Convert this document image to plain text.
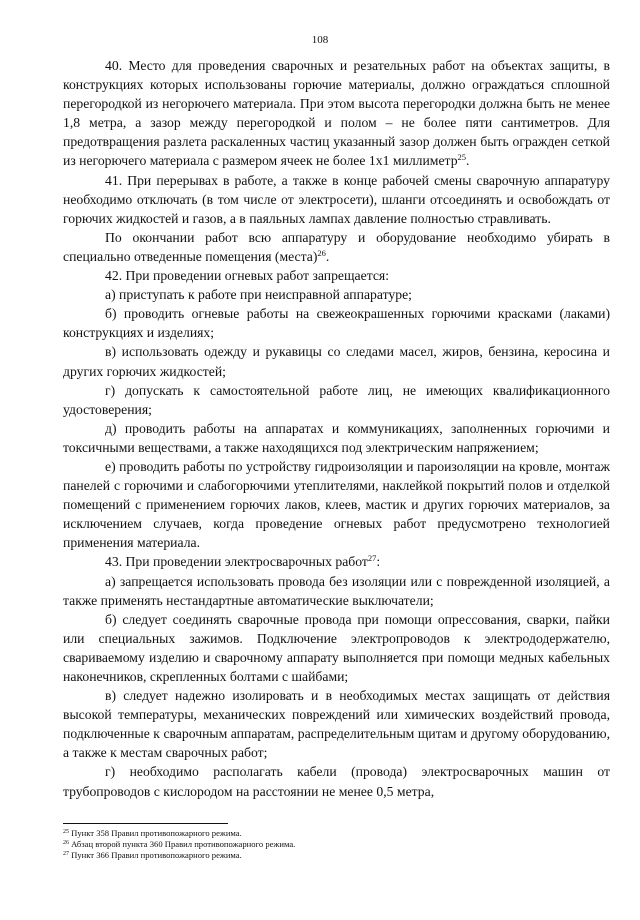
108

40. Место для проведения сварочных и резательных работ на объектах защиты, в конструкциях которых использованы горючие материалы, должно ограждаться сплошной перегородкой из негорючего материала. При этом высота перегородки должна быть не менее 1,8 метра, а зазор между перегородкой и полом – не более пяти сантиметров. Для предотвращения разлета раскаленных частиц указанный зазор должен быть огражден сеткой из негорючего материала с размером ячеек не более 1x1 миллиметр$^{25}$.

41. При перерывах в работе, а также в конце рабочей смены сварочную аппаратуру необходимо отключать (в том числе от электросети), шланги отсоединять и освобождать от горючих жидкостей и газов, а в паяльных лампах давление полностью стравливать.

По окончании работ всю аппаратуру и оборудование необходимо убирать в специально отведенные помещения (места)$^{26}$.

42. При проведении огневых работ запрещается:

а) приступать к работе при неисправной аппаратуре;

б) проводить огневые работы на свежеокрашенных горючими красками (лаками) конструкциях и изделиях;

в) использовать одежду и рукавицы со следами масел, жиров, бензина, керосина и других горючих жидкостей;

г) допускать к самостоятельной работе лиц, не имеющих квалификационного удостоверения;

д) проводить работы на аппаратах и коммуникациях, заполненных горючими и токсичными веществами, а также находящихся под электрическим напряжением;

е) проводить работы по устройству гидроизоляции и пароизоляции на кровле, монтаж панелей с горючими и слабогорючими утеплителями, наклейкой покрытий полов и отделкой помещений с применением горючих лаков, клеев, мастик и других горючих материалов, за исключением случаев, когда проведение огневых работ предусмотрено технологией применения материала.

43. При проведении электросварочных работ$^{27}$:

а) запрещается использовать провода без изоляции или с поврежденной изоляцией, а также применять нестандартные автоматические выключатели;

б) следует соединять сварочные провода при помощи опрессования, сварки, пайки или специальных зажимов. Подключение электропроводов к электрододержателю, свариваемому изделию и сварочному аппарату выполняется при помощи медных кабельных наконечников, скрепленных болтами с шайбами;

в) следует надежно изолировать и в необходимых местах защищать от действия высокой температуры, механических повреждений или химических воздействий провода, подключенные к сварочным аппаратам, распределительным щитам и другому оборудованию, а также к местам сварочных работ;

г) необходимо располагать кабели (провода) электросварочных машин от трубопроводов с кислородом на расстоянии не менее 0,5 метра,

$^{25}$ Пункт 358 Правил противопожарного режима.
$^{26}$ Абзац второй пункта 360 Правил противопожарного режима.
$^{27}$ Пункт 366 Правил противопожарного режима.
